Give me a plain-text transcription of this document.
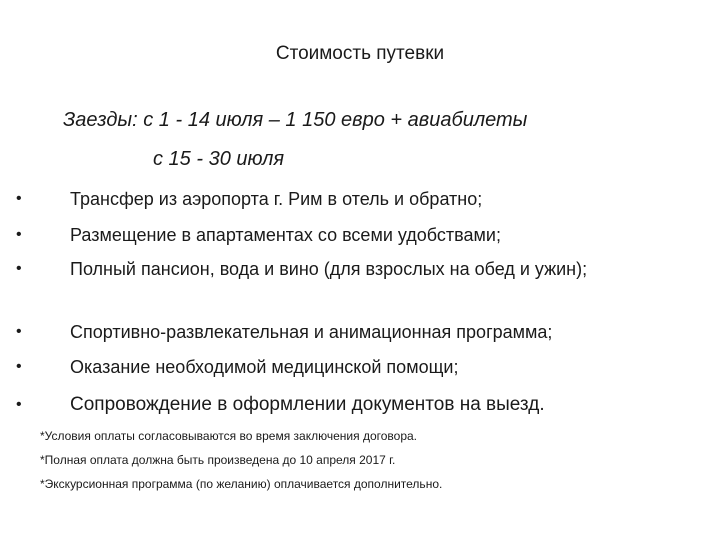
Стоимость путевки
Заезды: с 1 - 14 июля – 1 150 евро + авиабилеты
с 15 - 30 июля
•	Трансфер из аэропорта г. Рим в отель и обратно;
•	Размещение в апартаментах со всеми удобствами;
•	Полный пансион, вода и вино (для взрослых на обед и ужин);
•	Спортивно-развлекательная и анимационная программа;
•	Оказание необходимой медицинской помощи;
•	Сопровождение в оформлении документов на выезд.
*Условия оплаты согласовываются во время заключения договора.
*Полная оплата должна быть произведена до 10 апреля 2017 г.
*Экскурсионная программа (по желанию) оплачивается дополнительно.
